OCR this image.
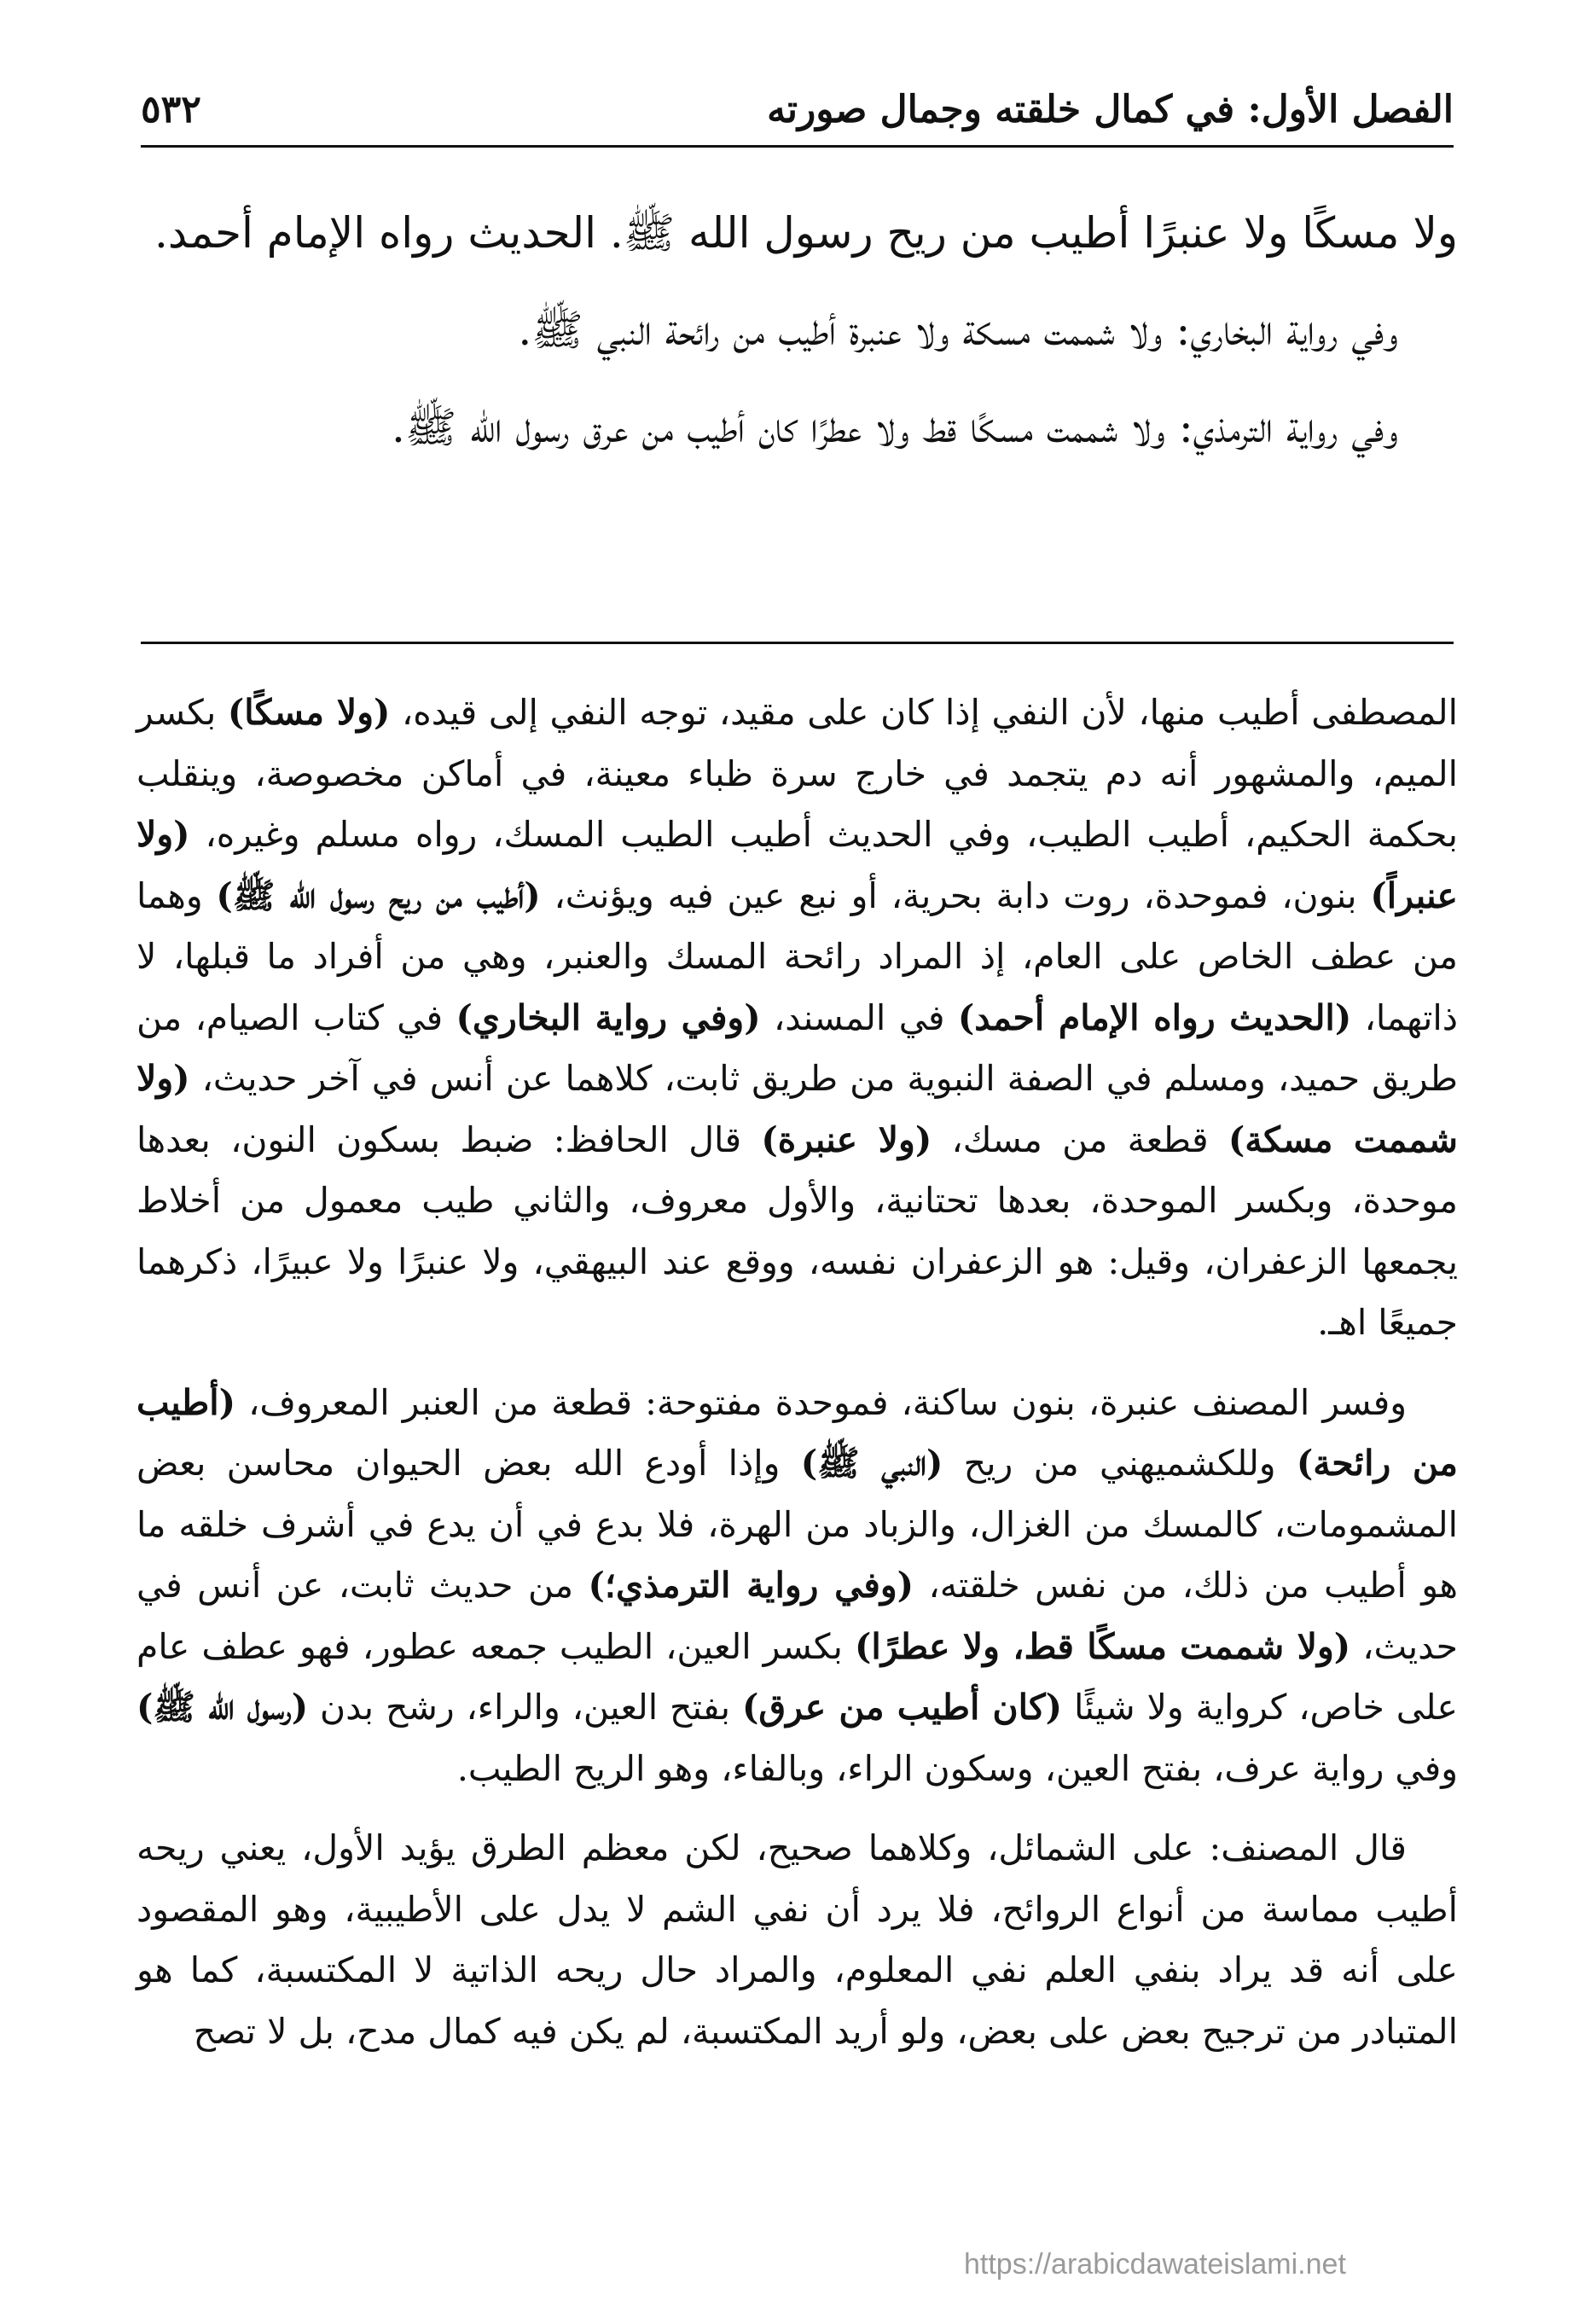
الفصل الأول: في كمال خلقته وجمال صورته
٥٣٢

ولا مسكًا ولا عنبرًا أطيب من ريح رسول الله ﷺ. الحديث رواه الإمام أحمد.

وفي رواية البخاري: ولا شممت مسكة ولا عنبرة أطيب من رائحة النبي ﷺ.

وفي رواية الترمذي: ولا شممت مسكًا قط ولا عطرًا كان أطيب من عرق رسول الله ﷺ.

المصطفى أطيب منها، لأن النفي إذا كان على مقيد، توجه النفي إلى قيده، (ولا مسكًا) بكسر الميم، والمشهور أنه دم يتجمد في خارج سرة ظباء معينة، في أماكن مخصوصة، وينقلب بحكمة الحكيم، أطيب الطيب، وفي الحديث أطيب الطيب المسك، رواه مسلم وغيره، (ولا عنبراً) بنون، فموحدة، روت دابة بحرية، أو نبع عين فيه ويؤنث، (أطيب من ريح رسول الله ﷺ) وهما من عطف الخاص على العام، إذ المراد رائحة المسك والعنبر، وهي من أفراد ما قبلها، لا ذاتهما، (الحديث رواه الإمام أحمد) في المسند، (وفي رواية البخاري) في كتاب الصيام، من طريق حميد، ومسلم في الصفة النبوية من طريق ثابت، كلاهما عن أنس في آخر حديث، (ولا شممت مسكة) قطعة من مسك، (ولا عنبرة) قال الحافظ: ضبط بسكون النون، بعدها موحدة، وبكسر الموحدة، بعدها تحتانية، والأول معروف، والثاني طيب معمول من أخلاط يجمعها الزعفران، وقيل: هو الزعفران نفسه، ووقع عند البيهقي، ولا عنبرًا ولا عبيرًا، ذكرهما جميعًا اهـ.

وفسر المصنف عنبرة، بنون ساكنة، فموحدة مفتوحة: قطعة من العنبر المعروف، (أطيب من رائحة) وللكشميهني من ريح (النبي ﷺ) وإذا أودع الله بعض الحيوان محاسن بعض المشمومات، كالمسك من الغزال، والزباد من الهرة، فلا بدع في أن يدع في أشرف خلقه ما هو أطيب من ذلك، من نفس خلقته، (وفي رواية الترمذي؛) من حديث ثابت، عن أنس في حديث، (ولا شممت مسكًا قط، ولا عطرًا) بكسر العين، الطيب جمعه عطور، فهو عطف عام على خاص، كرواية ولا شيئًا (كان أطيب من عرق) بفتح العين، والراء، رشح بدن (رسول الله ﷺ) وفي رواية عرف، بفتح العين، وسكون الراء، وبالفاء، وهو الريح الطيب.

قال المصنف: على الشمائل، وكلاهما صحيح، لكن معظم الطرق يؤيد الأول، يعني ريحه أطيب مماسة من أنواع الروائح، فلا يرد أن نفي الشم لا يدل على الأطيبية، وهو المقصود على أنه قد يراد بنفي العلم نفي المعلوم، والمراد حال ريحه الذاتية لا المكتسبة، كما هو المتبادر من ترجيح بعض على بعض، ولو أريد المكتسبة، لم يكن فيه كمال مدح، بل لا تصح

https://arabicdawateislami.net
